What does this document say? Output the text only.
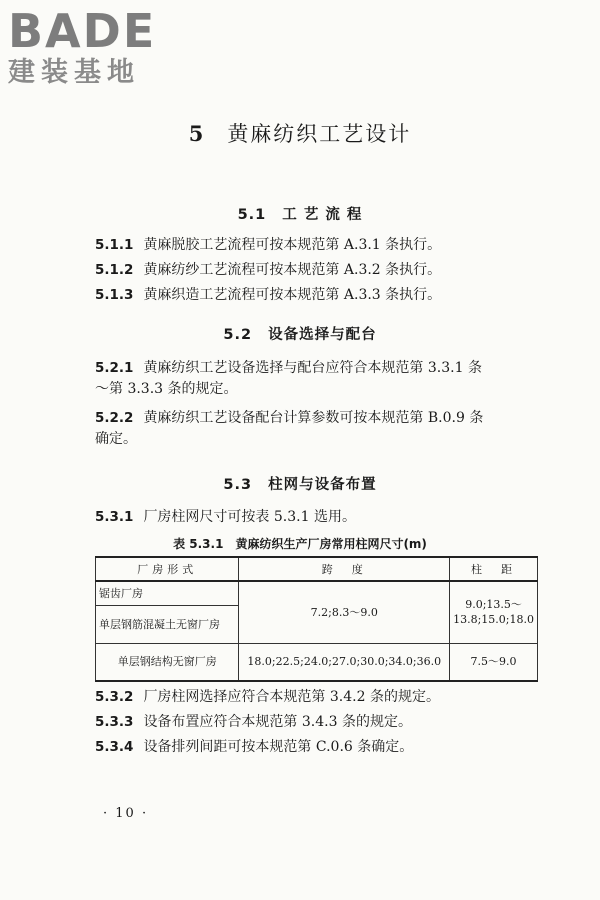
BADE
建装基地
5 黄麻纺织工艺设计
5.1 工 艺 流 程
5.1.1 黄麻脱胶工艺流程可按本规范第 A.3.1 条执行。
5.1.2 黄麻纺纱工艺流程可按本规范第 A.3.2 条执行。
5.1.3 黄麻织造工艺流程可按本规范第 A.3.3 条执行。
5.2 设备选择与配台
5.2.1 黄麻纺织工艺设备选择与配台应符合本规范第 3.3.1 条
～第 3.3.3 条的规定。
5.2.2 黄麻纺织工艺设备配台计算参数可按本规范第 B.0.9 条
确定。
5.3 柱网与设备布置
5.3.1 厂房柱网尺寸可按表 5.3.1 选用。
表 5.3.1 黄麻纺织生产厂房常用柱网尺寸(m)
厂房形式	跨　度	柱　距
锯齿厂房	7.2;8.3～9.0	9.0;13.5～13.8;15.0;18.0
单层钢筋混凝土无窗厂房		
单层钢结构无窗厂房	18.0;22.5;24.0;27.0;30.0;34.0;36.0	7.5～9.0
5.3.2 厂房柱网选择应符合本规范第 3.4.2 条的规定。
5.3.3 设备布置应符合本规范第 3.4.3 条的规定。
5.3.4 设备排列间距可按本规范第 C.0.6 条确定。
· 10 ·
